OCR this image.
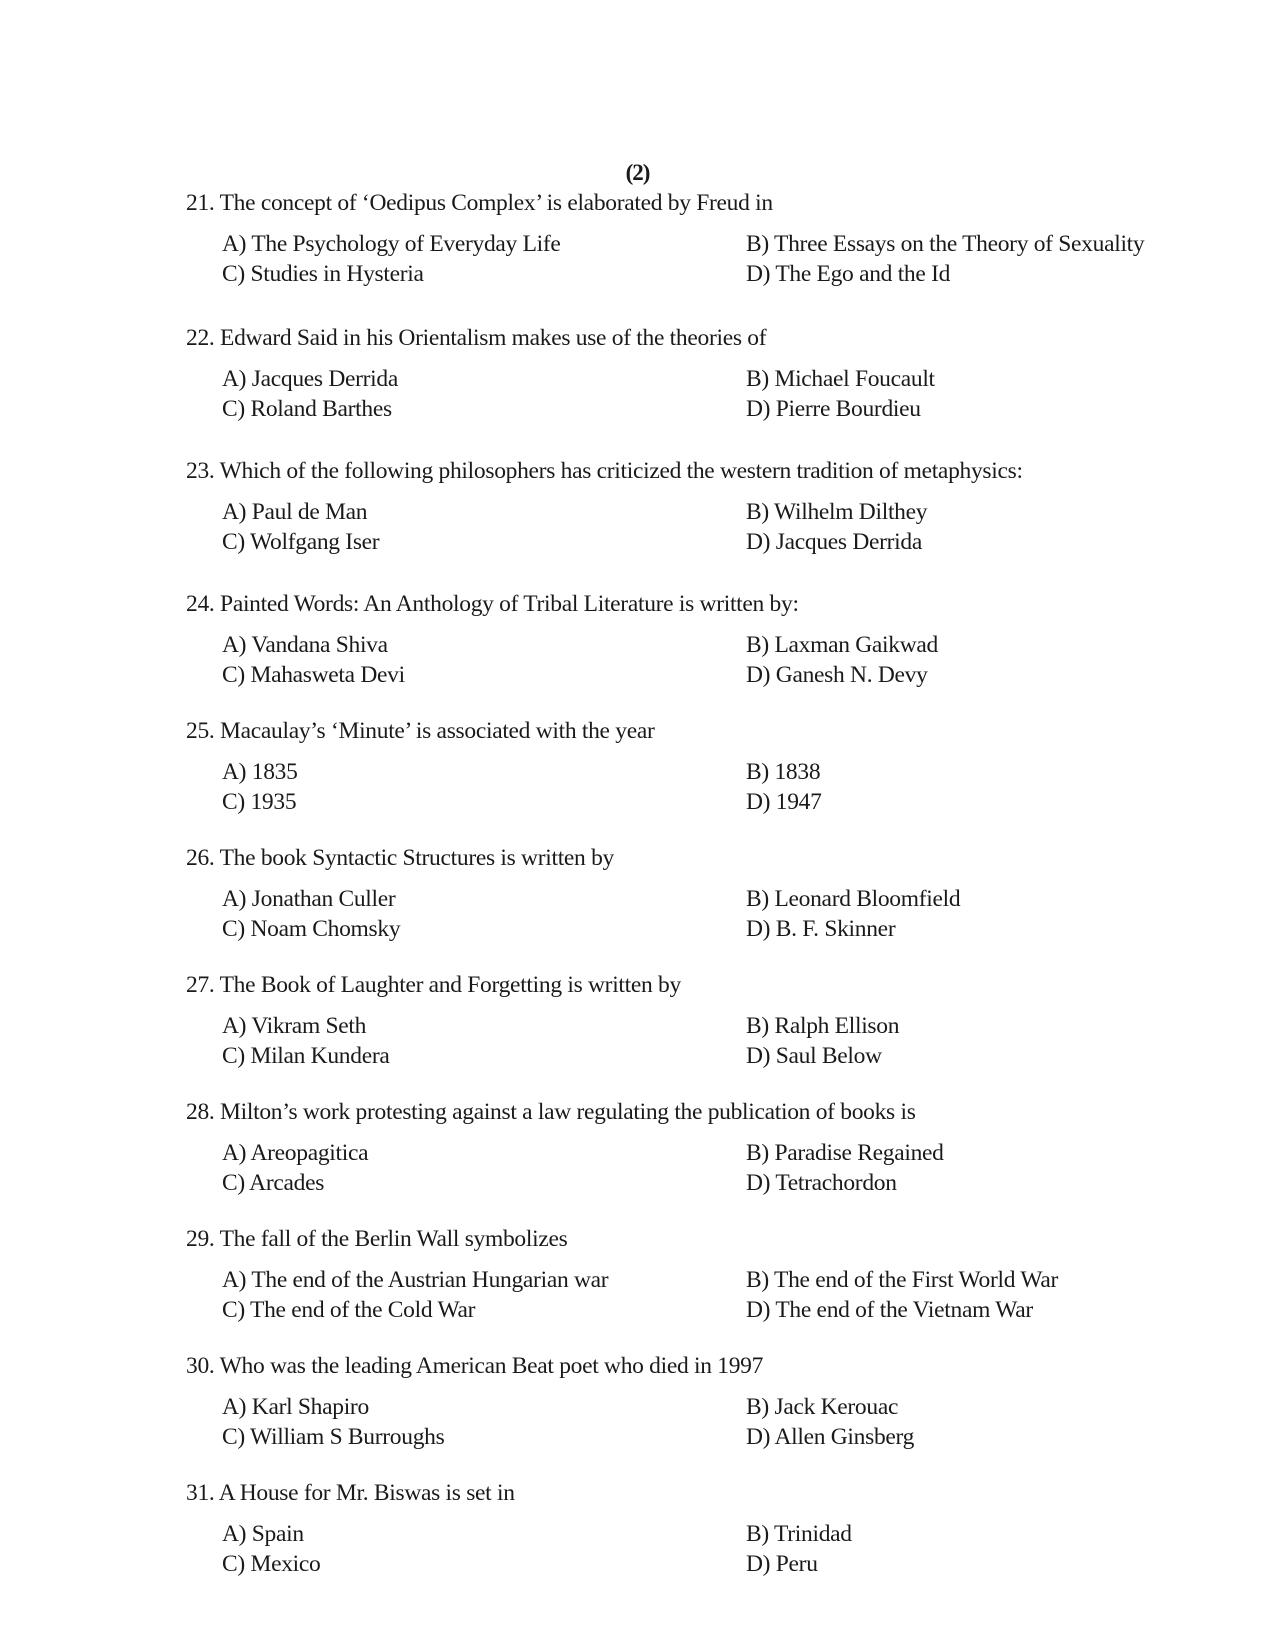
(2)
21. The concept of ‘Oedipus Complex’ is elaborated by Freud in
A) The Psychology of Everyday Life	B) Three Essays on the Theory of Sexuality
C) Studies in Hysteria	D) The Ego and the Id
22. Edward Said in his Orientalism makes use of the theories of
A) Jacques Derrida	B) Michael Foucault
C) Roland Barthes	D) Pierre Bourdieu
23. Which of the following philosophers has criticized the western tradition of metaphysics:
A) Paul de Man	B) Wilhelm Dilthey
C) Wolfgang Iser	D) Jacques Derrida
24. Painted Words: An Anthology of Tribal Literature is written by:
A) Vandana Shiva	B) Laxman Gaikwad
C) Mahasweta Devi	D) Ganesh N. Devy
25. Macaulay’s ‘Minute’ is associated with the year
A) 1835	B) 1838
C) 1935	D) 1947
26. The book Syntactic Structures is written by
A) Jonathan Culler	B) Leonard Bloomfield
C) Noam Chomsky	D) B. F. Skinner
27. The Book of Laughter and Forgetting is written by
A) Vikram Seth	B) Ralph Ellison
C) Milan Kundera	D) Saul Below
28. Milton’s work protesting against a law regulating the publication of books is
A) Areopagitica	B) Paradise Regained
C) Arcades	D) Tetrachordon
29. The fall of the Berlin Wall symbolizes
A) The end of the Austrian Hungarian war	B) The end of the First World War
C) The end of the Cold War	D) The end of the Vietnam War
30. Who was the leading American Beat poet who died in 1997
A) Karl Shapiro	B) Jack Kerouac
C) William S Burroughs	D) Allen Ginsberg
31. A House for Mr. Biswas is set in
A) Spain	B) Trinidad
C) Mexico	D) Peru
